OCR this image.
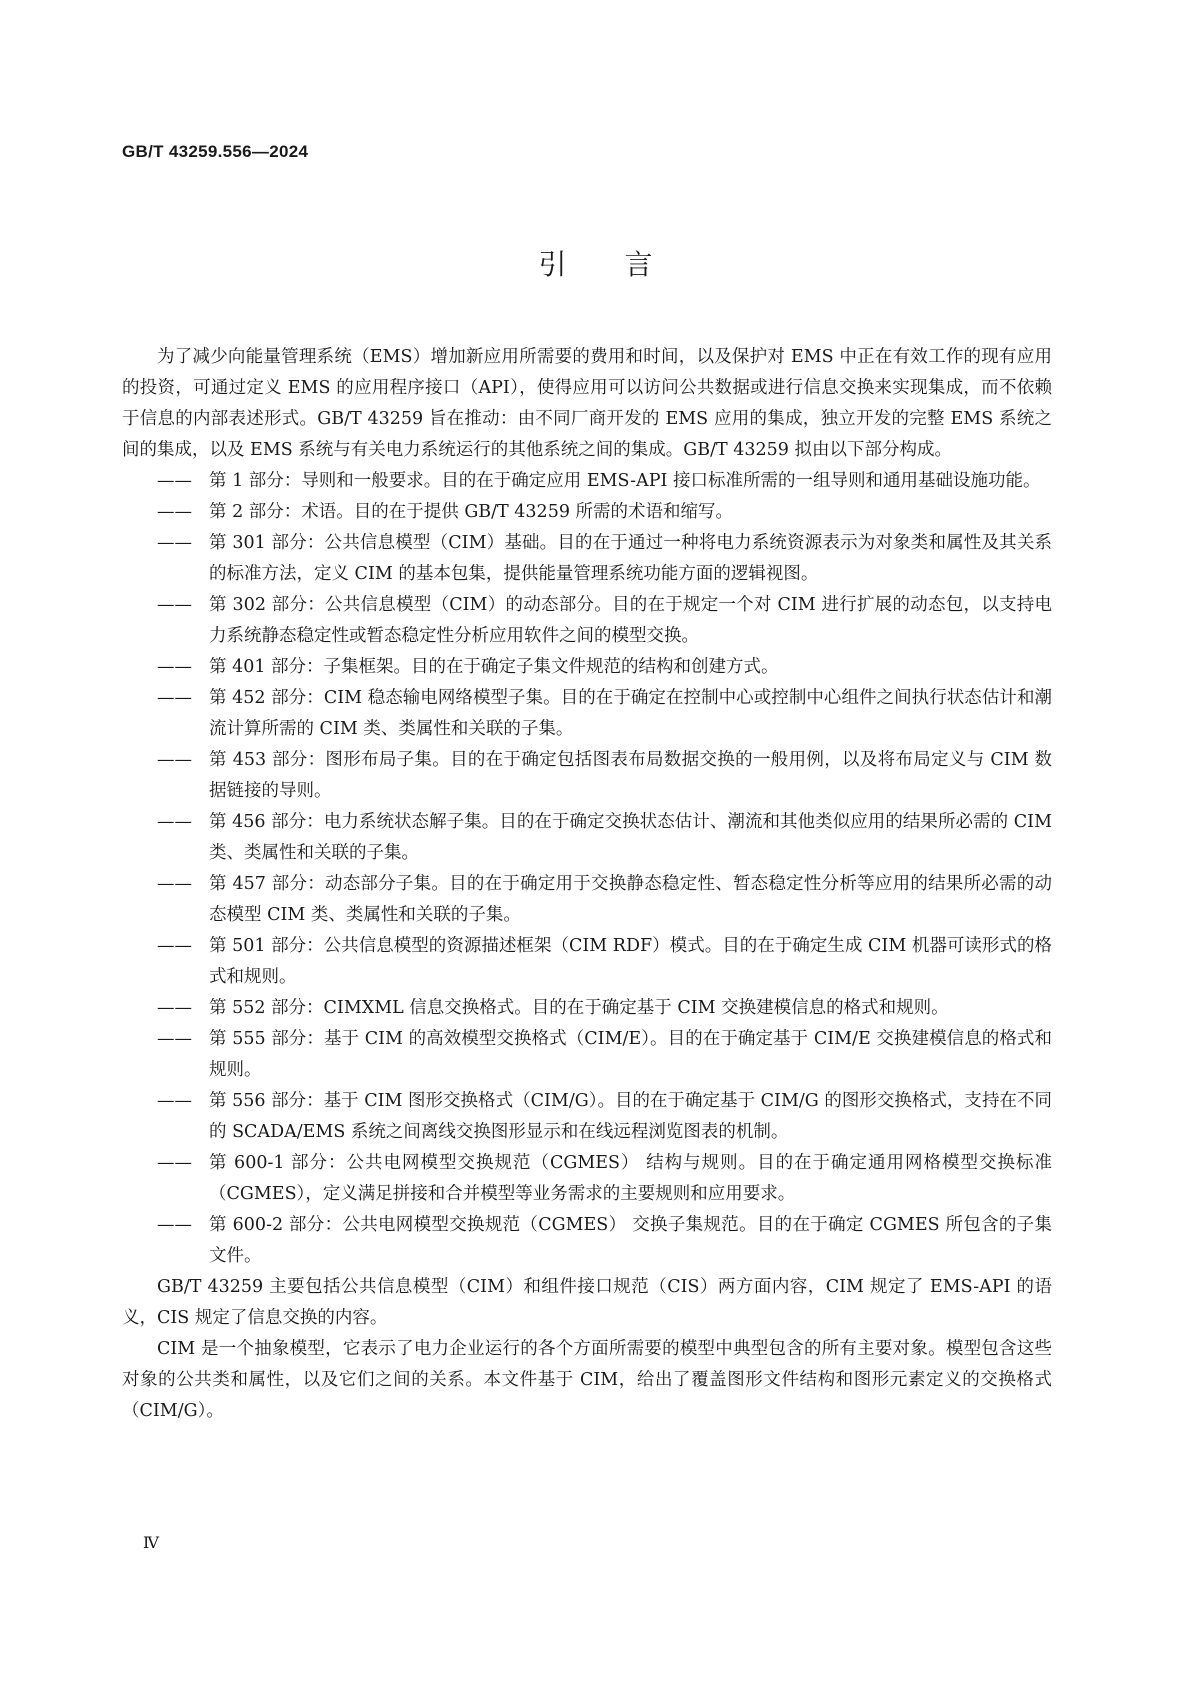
GB/T 43259.556—2024
引言

为了减少向能量管理系统（EMS）增加新应用所需要的费用和时间，以及保护对 EMS 中正在有效工作的现有应用的投资，可通过定义 EMS 的应用程序接口（API），使得应用可以访问公共数据或进行信息交换来实现集成，而不依赖于信息的内部表述形式。GB/T 43259 旨在推动：由不同厂商开发的 EMS 应用的集成，独立开发的完整 EMS 系统之间的集成，以及 EMS 系统与有关电力系统运行的其他系统之间的集成。GB/T 43259 拟由以下部分构成。

—— 第 1 部分：导则和一般要求。目的在于确定应用 EMS-API 接口标准所需的一组导则和通用基础设施功能。
—— 第 2 部分：术语。目的在于提供 GB/T 43259 所需的术语和缩写。
—— 第 301 部分：公共信息模型（CIM）基础。目的在于通过一种将电力系统资源表示为对象类和属性及其关系的标准方法，定义 CIM 的基本包集，提供能量管理系统功能方面的逻辑视图。
—— 第 302 部分：公共信息模型（CIM）的动态部分。目的在于规定一个对 CIM 进行扩展的动态包，以支持电力系统静态稳定性或暂态稳定性分析应用软件之间的模型交换。
—— 第 401 部分：子集框架。目的在于确定子集文件规范的结构和创建方式。
—— 第 452 部分：CIM 稳态输电网络模型子集。目的在于确定在控制中心或控制中心组件之间执行状态估计和潮流计算所需的 CIM 类、类属性和关联的子集。
—— 第 453 部分：图形布局子集。目的在于确定包括图表布局数据交换的一般用例，以及将布局定义与 CIM 数据链接的导则。
—— 第 456 部分：电力系统状态解子集。目的在于确定交换状态估计、潮流和其他类似应用的结果所必需的 CIM 类、类属性和关联的子集。
—— 第 457 部分：动态部分子集。目的在于确定用于交换静态稳定性、暂态稳定性分析等应用的结果所必需的动态模型 CIM 类、类属性和关联的子集。
—— 第 501 部分：公共信息模型的资源描述框架（CIM RDF）模式。目的在于确定生成 CIM 机器可读形式的格式和规则。
—— 第 552 部分：CIMXML 信息交换格式。目的在于确定基于 CIM 交换建模信息的格式和规则。
—— 第 555 部分：基于 CIM 的高效模型交换格式（CIM/E）。目的在于确定基于 CIM/E 交换建模信息的格式和规则。
—— 第 556 部分：基于 CIM 图形交换格式（CIM/G）。目的在于确定基于 CIM/G 的图形交换格式，支持在不同的 SCADA/EMS 系统之间离线交换图形显示和在线远程浏览图表的机制。
—— 第 600-1 部分：公共电网模型交换规范（CGMES） 结构与规则。目的在于确定通用网格模型交换标准（CGMES），定义满足拼接和合并模型等业务需求的主要规则和应用要求。
—— 第 600-2 部分：公共电网模型交换规范（CGMES） 交换子集规范。目的在于确定 CGMES 所包含的子集文件。

GB/T 43259 主要包括公共信息模型（CIM）和组件接口规范（CIS）两方面内容，CIM 规定了 EMS-API 的语义，CIS 规定了信息交换的内容。

CIM 是一个抽象模型，它表示了电力企业运行的各个方面所需要的模型中典型包含的所有主要对象。模型包含这些对象的公共类和属性，以及它们之间的关系。本文件基于 CIM，给出了覆盖图形文件结构和图形元素定义的交换格式（CIM/G）。

Ⅳ
